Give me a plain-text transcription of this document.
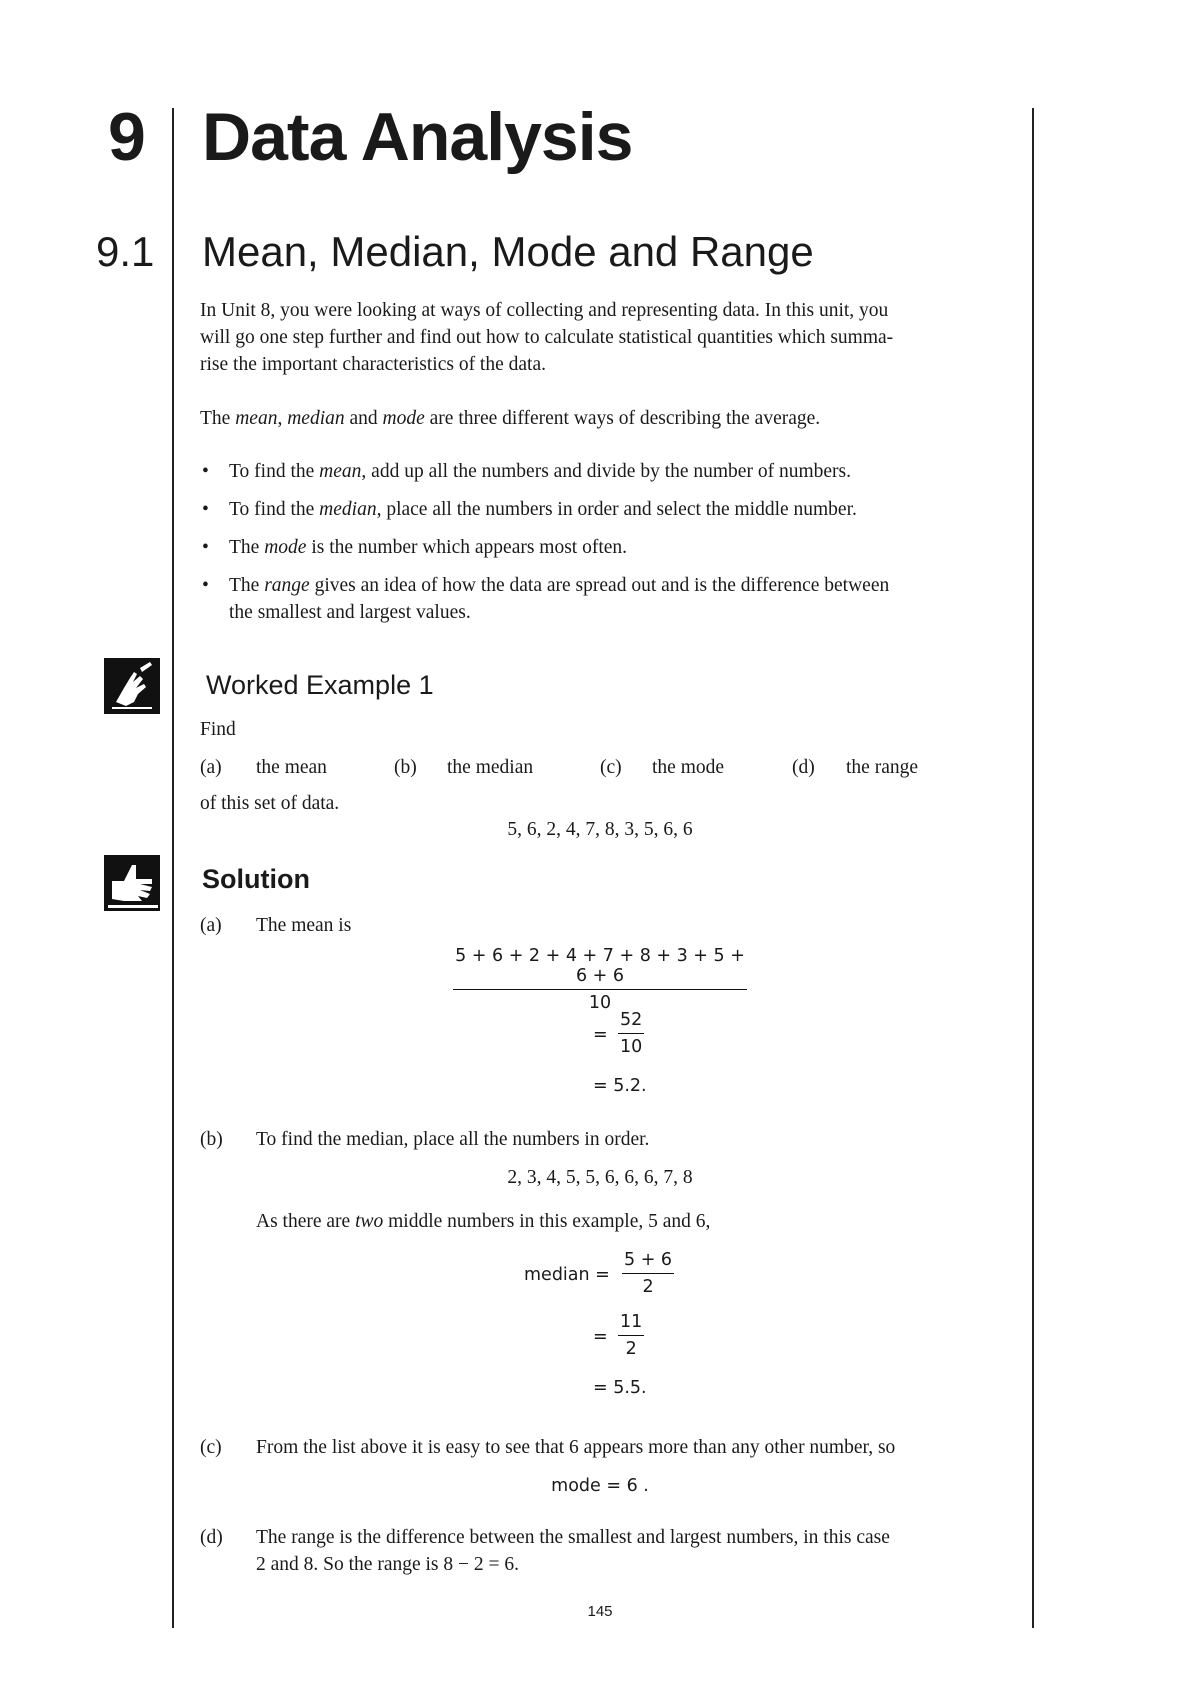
9 Data Analysis
9.1 Mean, Median, Mode and Range
In Unit 8, you were looking at ways of collecting and representing data. In this unit, you
will go one step further and find out how to calculate statistical quantities which summa-
rise the important characteristics of the data.
The mean, median and mode are three different ways of describing the average.
• To find the mean, add up all the numbers and divide by the number of numbers.
• To find the median, place all the numbers in order and select the middle number.
• The mode is the number which appears most often.
• The range gives an idea of how the data are spread out and is the difference between
the smallest and largest values.
Worked Example 1
Find
(a) the mean	(b) the median	(c) the mode	(d) the range
of this set of data.
5, 6, 2, 4, 7, 8, 3, 5, 6, 6
Solution
(a) The mean is
$\frac{5 + 6 + 2 + 4 + 7 + 8 + 3 + 5 + 6 + 6}{10}$
= $\frac{52}{10}$
= 5.2.
(b) To find the median, place all the numbers in order.
2, 3, 4, 5, 5, 6, 6, 6, 7, 8
As there are two middle numbers in this example, 5 and 6,
median = $\frac{5 + 6}{2}$
= $\frac{11}{2}$
= 5.5.
(c) From the list above it is easy to see that 6 appears more than any other number, so
mode = 6 .
(d) The range is the difference between the smallest and largest numbers, in this case
2 and 8. So the range is 8 − 2 = 6.
145
